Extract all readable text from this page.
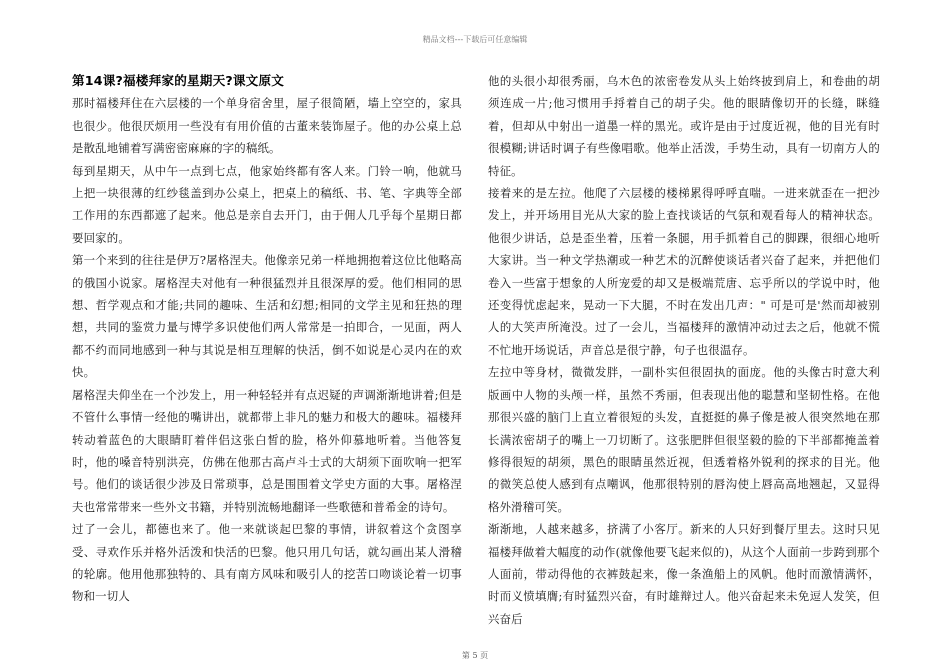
精品文档---下载后可任意编辑
第14课?福楼拜家的星期天?课文原文

那时福楼拜住在六层楼的一个单身宿舍里，屋子很简陋，墙上空空的，家具也很少。他很厌烦用一些没有有用价值的古董来装饰屋子。他的办公桌上总是散乱地铺着写满密密麻麻的字的稿纸。

每到星期天，从中午一点到七点，他家始终都有客人来。门铃一响，他就马上把一块很薄的红纱毯盖到办公桌上，把桌上的稿纸、书、笔、字典等全部工作用的东西都遮了起来。他总是亲自去开门，由于佣人几乎每个星期日都要回家的。

第一个来到的往往是伊万?屠格涅夫。他像亲兄弟一样地拥抱着这位比他略高的俄国小说家。屠格涅夫对他有一种很猛烈并且很深厚的爱。他们相同的思想、哲学观点和才能;共同的趣味、生活和幻想;相同的文学主见和狂热的理想，共同的鉴赏力量与博学多识使他们两人常常是一拍即合，一见面，两人都不约而同地感到一种与其说是相互理解的快活，倒不如说是心灵内在的欢快。

屠格涅夫仰坐在一个沙发上，用一种轻轻并有点迟疑的声调渐渐地讲着;但是不管什么事情一经他的嘴讲出，就都带上非凡的魅力和极大的趣味。福楼拜转动着蓝色的大眼睛盯着伴侣这张白皙的脸，格外仰慕地听着。当他答复时，他的嗓音特别洪亮，仿佛在他那古高卢斗士式的大胡须下面吹响一把军号。他们的谈话很少涉及日常琐事，总是围围着文学史方面的大事。屠格涅夫也常常带来一些外文书籍，并特别流畅地翻译一些歌德和普希金的诗句。

过了一会儿，都德也来了。他一来就谈起巴黎的事情，讲叙着这个贪图享受、寻欢作乐并格外活泼和快活的巴黎。他只用几句话，就勾画出某人滑稽的轮廓。他用他那独特的、具有南方风味和吸引人的挖苦口吻谈论着一切事物和一切人

他的头很小却很秀丽，乌木色的浓密卷发从头上始终披到肩上，和卷曲的胡须连成一片;他习惯用手捋着自己的胡子尖。他的眼睛像切开的长缝，眯缝着，但却从中射出一道墨一样的黑光。或许是由于过度近视，他的目光有时很模糊;讲话时调子有些像唱歌。他举止活泼，手势生动，具有一切南方人的特征。

接着来的是左拉。他爬了六层楼的楼梯累得呼呼直喘。一进来就歪在一把沙发上，并开场用目光从大家的脸上查找谈话的气氛和观看每人的精神状态。他很少讲话，总是歪坐着，压着一条腿，用手抓着自己的脚踝，很细心地听大家讲。当一种文学热潮或一种艺术的沉醉使谈话者兴奋了起来，并把他们卷入一些富于想象的人所宠爱的却又是极端荒唐、忘乎所以的学说中时，他还变得忧虑起来，晃动一下大腿，不时在发出几声：" 可是可是'然而却被别人的大笑声所淹没。过了一会儿，当福楼拜的激情冲动过去之后，他就不慌不忙地开场说话，声音总是很宁静，句子也很温存。

左拉中等身材，微微发胖，一副朴实但很固执的面庞。他的头像古时意大利版画中人物的头颅一样，虽然不秀丽，但表现出他的聪慧和坚韧性格。在他那很兴盛的脑门上直立着很短的头发，直挺挺的鼻子像是被人很突然地在那长满浓密胡子的嘴上一刀切断了。这张肥胖但很坚毅的脸的下半部都掩盖着修得很短的胡须，黑色的眼睛虽然近视，但透着格外锐利的探求的目光。他的微笑总使人感到有点嘲讽，他那很特别的唇沟使上唇高高地翘起，又显得格外滑稽可笑。

渐渐地，人越来越多，挤满了小客厅。新来的人只好到餐厅里去。这时只见福楼拜做着大幅度的动作(就像他要飞起来似的)，从这个人面前一步跨到那个人面前，带动得他的衣裤鼓起来，像一条渔船上的风帆。他时而激情满怀，时而义愤填膺;有时猛烈兴奋，有时雄辩过人。他兴奋起来未免逗人发笑，但兴奋后

第 5 页
